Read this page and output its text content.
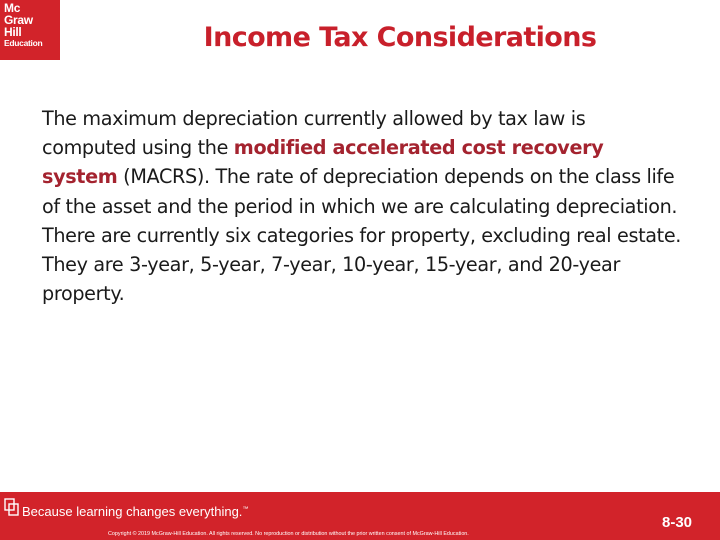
Mc
Graw
Hill
Education	Income Tax Considerations
The maximum depreciation currently allowed by tax law is computed using the modified accelerated cost recovery system (MACRS). The rate of depreciation depends on the class life of the asset and the period in which we are calculating depreciation. There are currently six categories for property, excluding real estate. They are 3-year, 5-year, 7-year, 10-year, 15-year, and 20-year property.
Because learning changes everything.™
Copyright © 2019 McGraw-Hill Education. All rights reserved. No reproduction or distribution without the prior written consent of McGraw-Hill Education.
8-30
